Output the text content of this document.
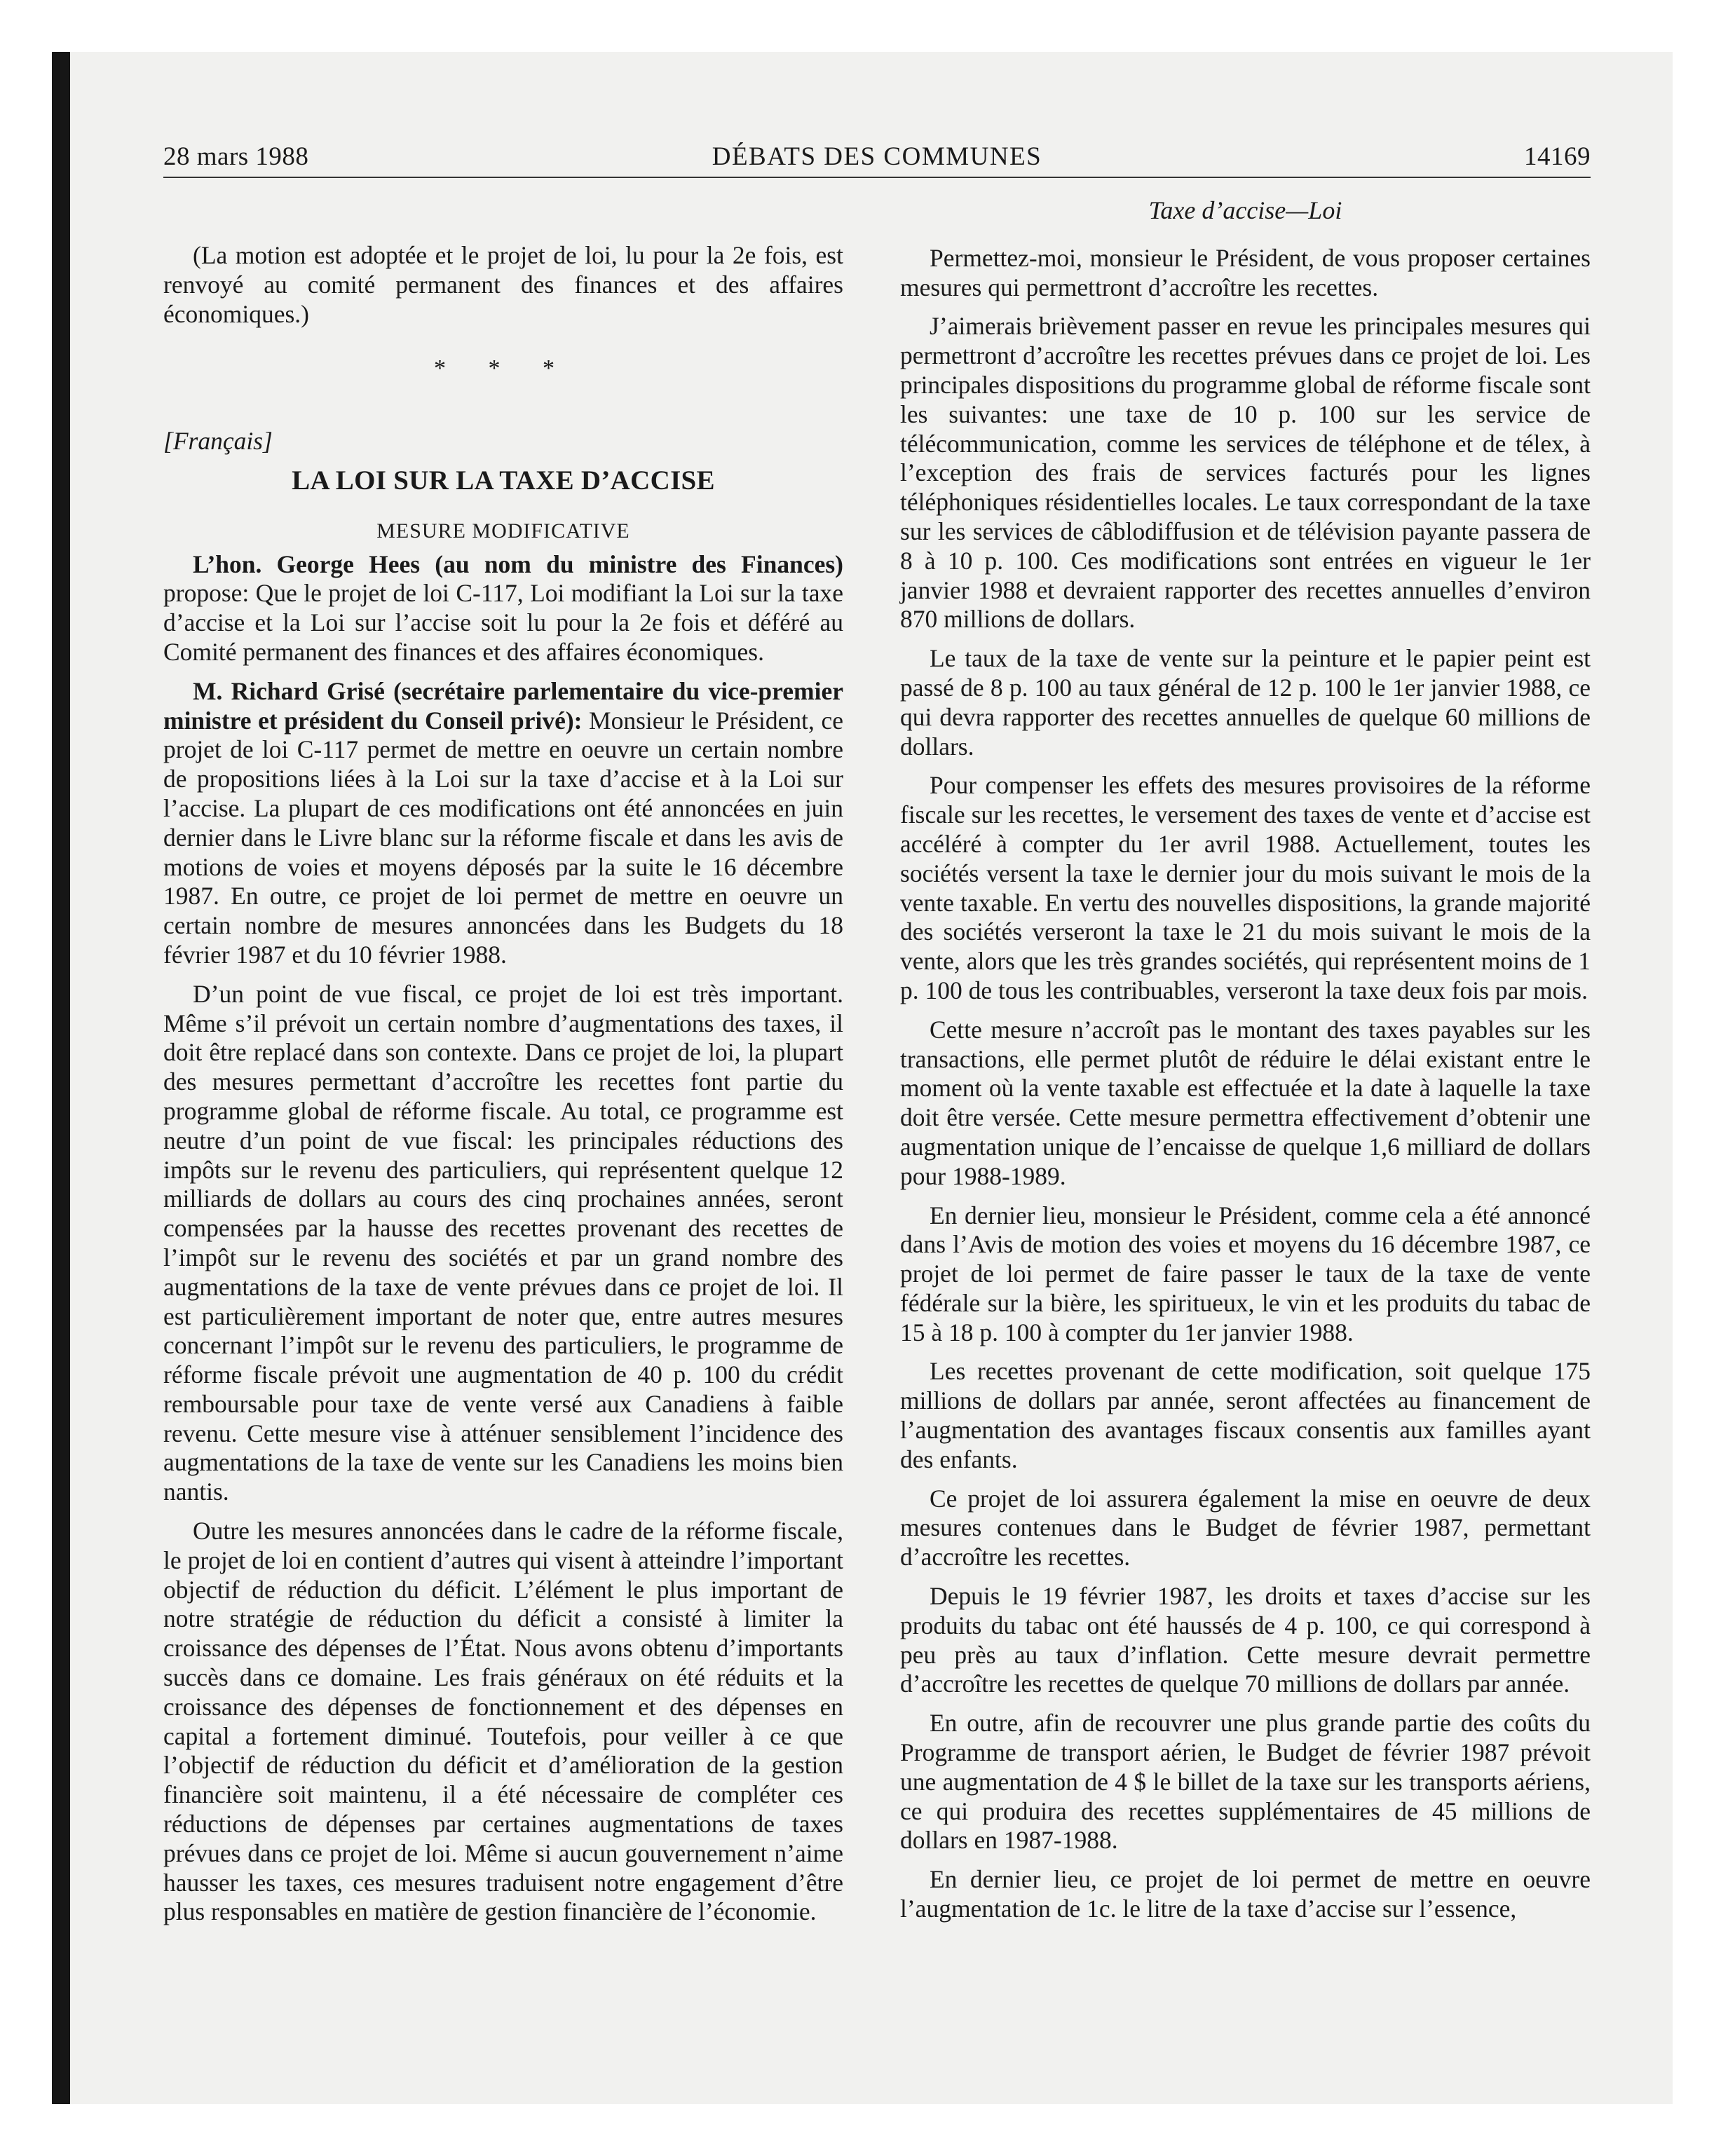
28 mars 1988	DÉBATS DES COMMUNES	14169

(La motion est adoptée et le projet de loi, lu pour la 2e fois, est renvoyé au comité permanent des finances et des affaires économiques.)

* * *

[Français]

LA LOI SUR LA TAXE D’ACCISE
MESURE MODIFICATIVE

L’hon. George Hees (au nom du ministre des Finances) propose: Que le projet de loi C-117, Loi modifiant la Loi sur la taxe d’accise et la Loi sur l’accise soit lu pour la 2e fois et déféré au Comité permanent des finances et des affaires économiques.

M. Richard Grisé (secrétaire parlementaire du vice-premier ministre et président du Conseil privé): Monsieur le Président, ce projet de loi C-117 permet de mettre en oeuvre un certain nombre de propositions liées à la Loi sur la taxe d’accise et à la Loi sur l’accise. La plupart de ces modifications ont été annoncées en juin dernier dans le Livre blanc sur la réforme fiscale et dans les avis de motions de voies et moyens déposés par la suite le 16 décembre 1987. En outre, ce projet de loi permet de mettre en oeuvre un certain nombre de mesures annoncées dans les Budgets du 18 février 1987 et du 10 février 1988.

D’un point de vue fiscal, ce projet de loi est très important. Même s’il prévoit un certain nombre d’augmentations des taxes, il doit être replacé dans son contexte. Dans ce projet de loi, la plupart des mesures permettant d’accroître les recettes font partie du programme global de réforme fiscale. Au total, ce programme est neutre d’un point de vue fiscal: les principales réductions des impôts sur le revenu des particuliers, qui représentent quelque 12 milliards de dollars au cours des cinq prochaines années, seront compensées par la hausse des recettes provenant des recettes de l’impôt sur le revenu des sociétés et par un grand nombre des augmentations de la taxe de vente prévues dans ce projet de loi. Il est particulièrement important de noter que, entre autres mesures concernant l’impôt sur le revenu des particuliers, le programme de réforme fiscale prévoit une augmentation de 40 p. 100 du crédit remboursable pour taxe de vente versé aux Canadiens à faible revenu. Cette mesure vise à atténuer sensiblement l’incidence des augmentations de la taxe de vente sur les Canadiens les moins bien nantis.

Outre les mesures annoncées dans le cadre de la réforme fiscale, le projet de loi en contient d’autres qui visent à atteindre l’important objectif de réduction du déficit. L’élément le plus important de notre stratégie de réduction du déficit a consisté à limiter la croissance des dépenses de l’État. Nous avons obtenu d’importants succès dans ce domaine. Les frais généraux on été réduits et la croissance des dépenses de fonctionnement et des dépenses en capital a fortement diminué. Toutefois, pour veiller à ce que l’objectif de réduction du déficit et d’amélioration de la gestion financière soit maintenu, il a été nécessaire de compléter ces réductions de dépenses par certaines augmentations de taxes prévues dans ce projet de loi. Même si aucun gouvernement n’aime hausser les taxes, ces mesures traduisent notre engagement d’être plus responsables en matière de gestion financière de l’économie.

Taxe d’accise—Loi

Permettez-moi, monsieur le Président, de vous proposer certaines mesures qui permettront d’accroître les recettes.

J’aimerais brièvement passer en revue les principales mesures qui permettront d’accroître les recettes prévues dans ce projet de loi. Les principales dispositions du programme global de réforme fiscale sont les suivantes: une taxe de 10 p. 100 sur les service de télécommunication, comme les services de téléphone et de télex, à l’exception des frais de services facturés pour les lignes téléphoniques résidentielles locales. Le taux correspondant de la taxe sur les services de câblodiffusion et de télévision payante passera de 8 à 10 p. 100. Ces modifications sont entrées en vigueur le 1er janvier 1988 et devraient rapporter des recettes annuelles d’environ 870 millions de dollars.

Le taux de la taxe de vente sur la peinture et le papier peint est passé de 8 p. 100 au taux général de 12 p. 100 le 1er janvier 1988, ce qui devra rapporter des recettes annuelles de quelque 60 millions de dollars.

Pour compenser les effets des mesures provisoires de la réforme fiscale sur les recettes, le versement des taxes de vente et d’accise est accéléré à compter du 1er avril 1988. Actuellement, toutes les sociétés versent la taxe le dernier jour du mois suivant le mois de la vente taxable. En vertu des nouvelles dispositions, la grande majorité des sociétés verseront la taxe le 21 du mois suivant le mois de la vente, alors que les très grandes sociétés, qui représentent moins de 1 p. 100 de tous les contribuables, verseront la taxe deux fois par mois.

Cette mesure n’accroît pas le montant des taxes payables sur les transactions, elle permet plutôt de réduire le délai existant entre le moment où la vente taxable est effectuée et la date à laquelle la taxe doit être versée. Cette mesure permettra effectivement d’obtenir une augmentation unique de l’encaisse de quelque 1,6 milliard de dollars pour 1988-1989.

En dernier lieu, monsieur le Président, comme cela a été annoncé dans l’Avis de motion des voies et moyens du 16 décembre 1987, ce projet de loi permet de faire passer le taux de la taxe de vente fédérale sur la bière, les spiritueux, le vin et les produits du tabac de 15 à 18 p. 100 à compter du 1er janvier 1988.

Les recettes provenant de cette modification, soit quelque 175 millions de dollars par année, seront affectées au financement de l’augmentation des avantages fiscaux consentis aux familles ayant des enfants.

Ce projet de loi assurera également la mise en oeuvre de deux mesures contenues dans le Budget de février 1987, permettant d’accroître les recettes.

Depuis le 19 février 1987, les droits et taxes d’accise sur les produits du tabac ont été haussés de 4 p. 100, ce qui correspond à peu près au taux d’inflation. Cette mesure devrait permettre d’accroître les recettes de quelque 70 millions de dollars par année.

En outre, afin de recouvrer une plus grande partie des coûts du Programme de transport aérien, le Budget de février 1987 prévoit une augmentation de 4 $ le billet de la taxe sur les transports aériens, ce qui produira des recettes supplémentaires de 45 millions de dollars en 1987-1988.

En dernier lieu, ce projet de loi permet de mettre en oeuvre l’augmentation de 1c. le litre de la taxe d’accise sur l’essence,
